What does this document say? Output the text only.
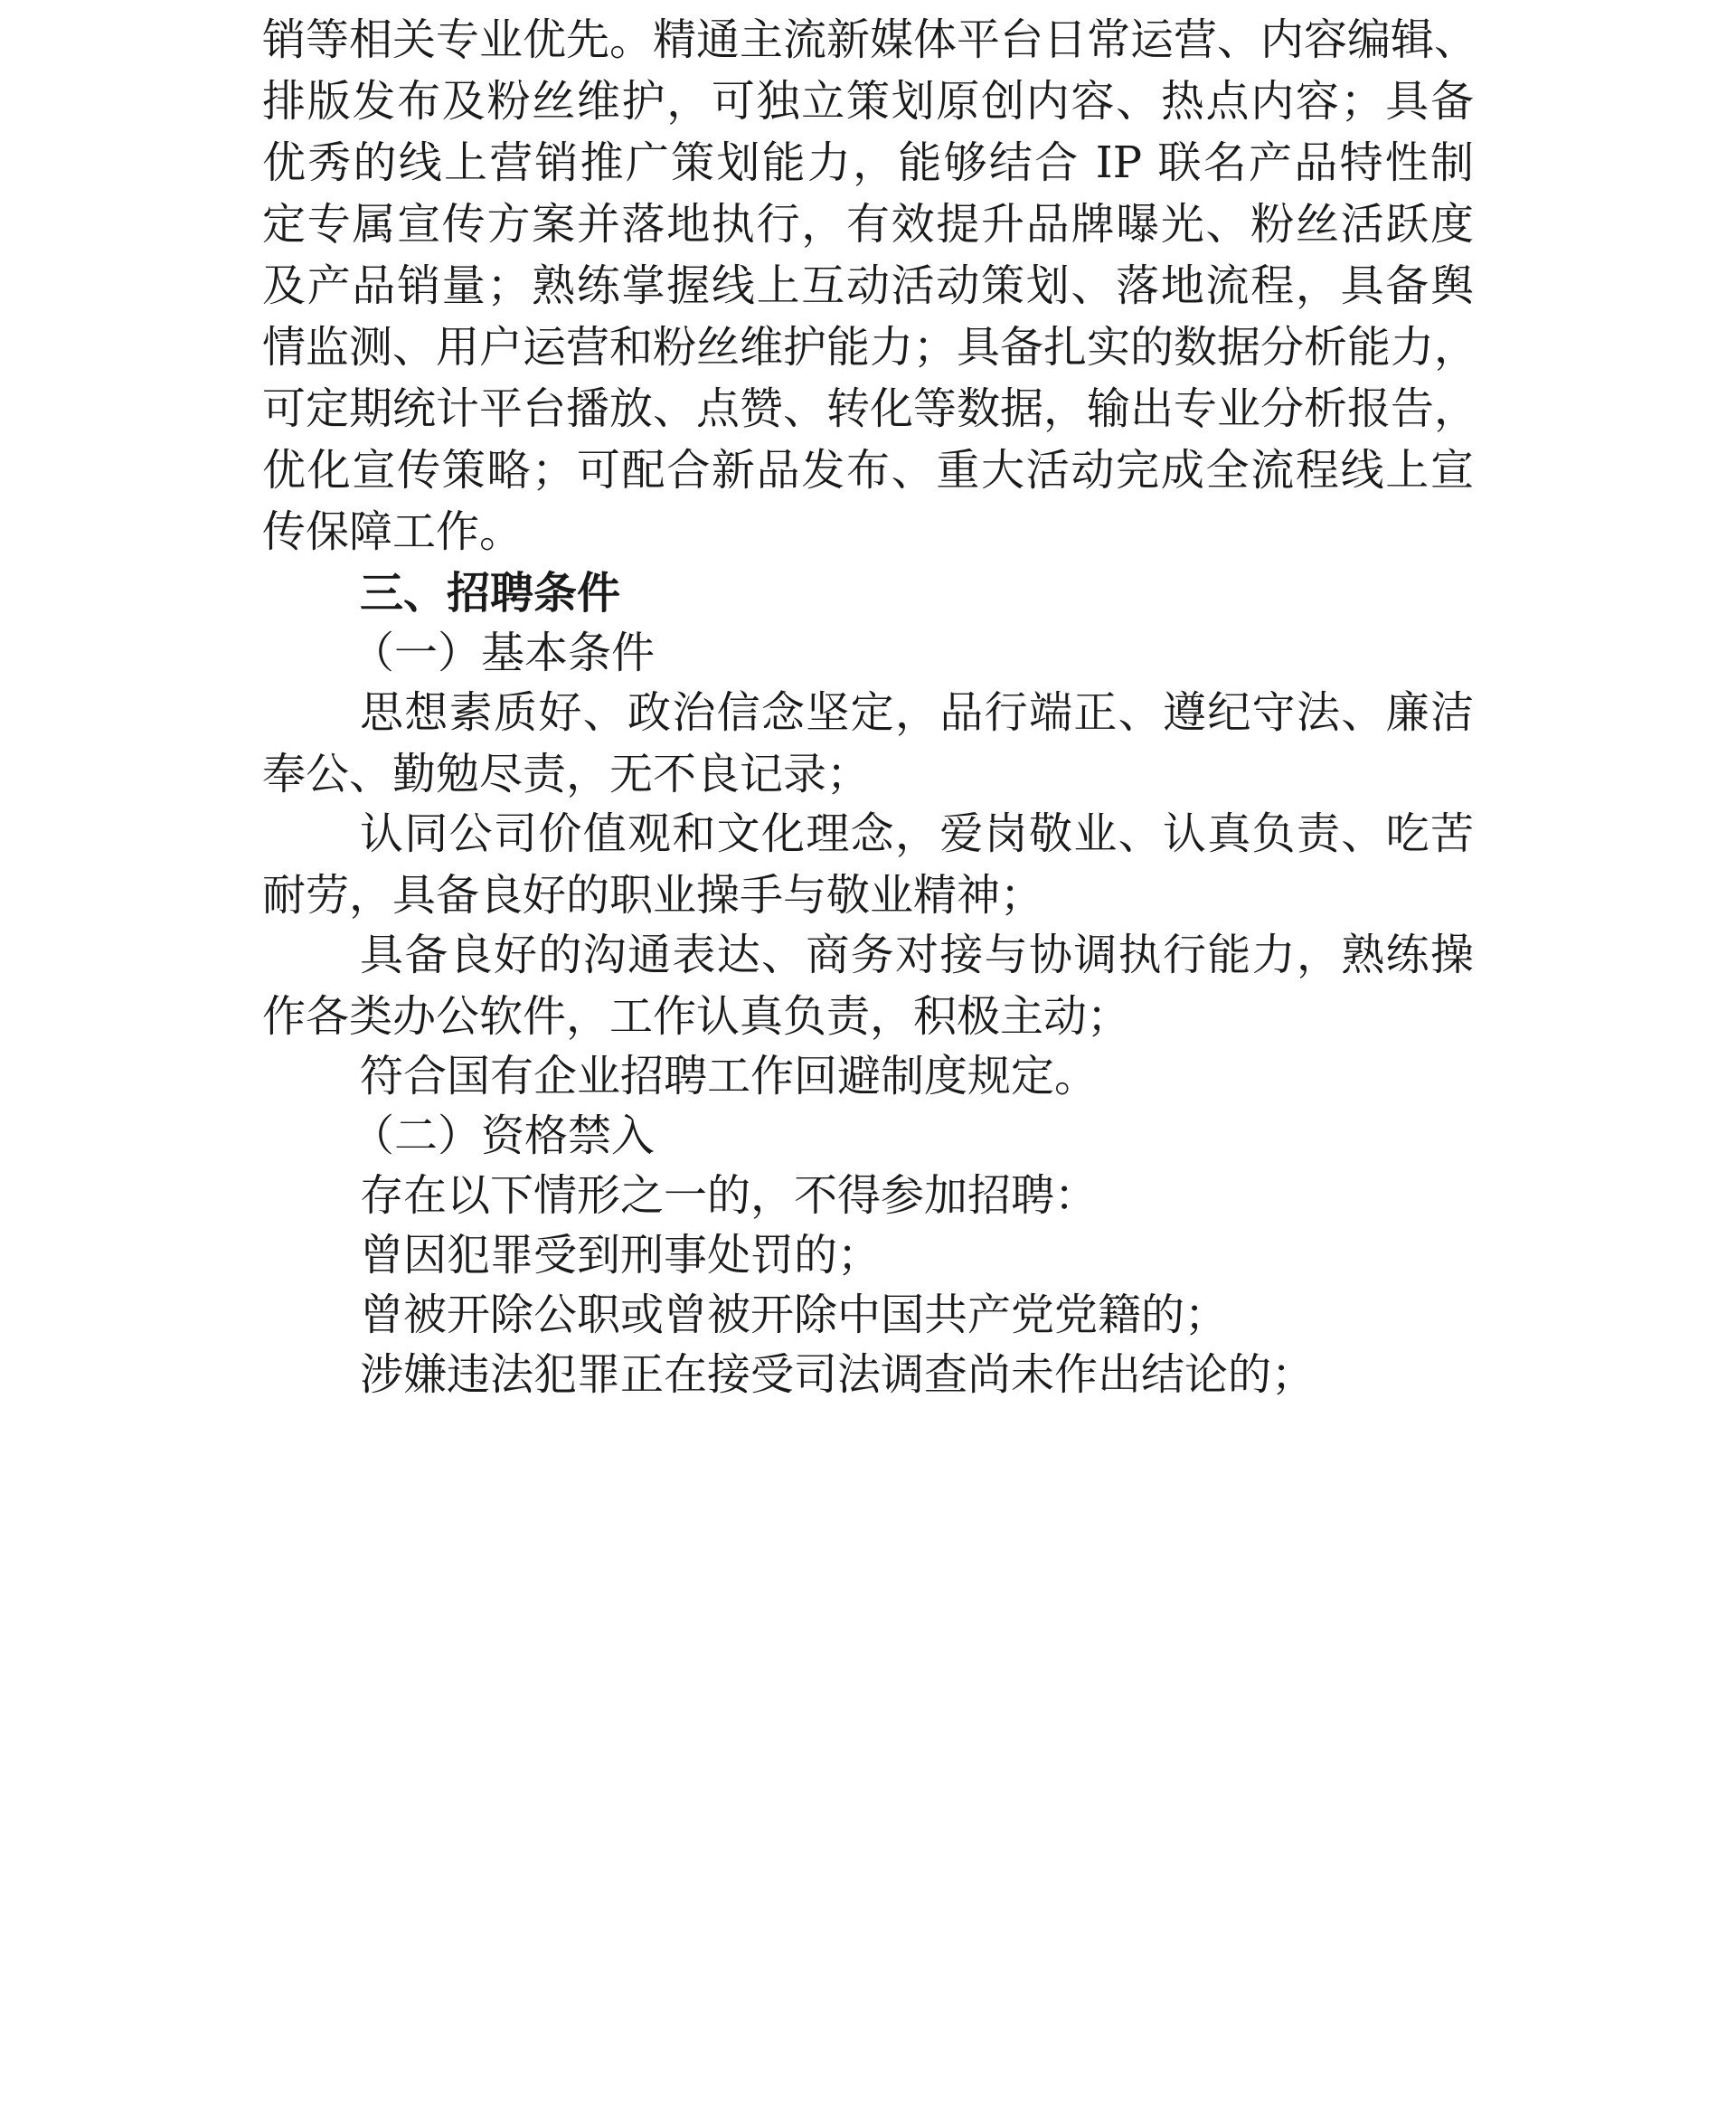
销等相关专业优先。精通主流新媒体平台日常运营、内容编辑、
排版发布及粉丝维护，可独立策划原创内容、热点内容；具备
优秀的线上营销推广策划能力，能够结合 IP 联名产品特性制
定专属宣传方案并落地执行，有效提升品牌曝光、粉丝活跃度
及产品销量；熟练掌握线上互动活动策划、落地流程，具备舆
情监测、用户运营和粉丝维护能力；具备扎实的数据分析能力，
可定期统计平台播放、点赞、转化等数据，输出专业分析报告，
优化宣传策略；可配合新品发布、重大活动完成全流程线上宣
传保障工作。
三、招聘条件
（一）基本条件
思想素质好、政治信念坚定，品行端正、遵纪守法、廉洁
奉公、勤勉尽责，无不良记录；
认同公司价值观和文化理念，爱岗敬业、认真负责、吃苦
耐劳，具备良好的职业操手与敬业精神；
具备良好的沟通表达、商务对接与协调执行能力，熟练操
作各类办公软件，工作认真负责，积极主动；
符合国有企业招聘工作回避制度规定。
（二）资格禁入
存在以下情形之一的，不得参加招聘：
曾因犯罪受到刑事处罚的；
曾被开除公职或曾被开除中国共产党党籍的；
涉嫌违法犯罪正在接受司法调查尚未作出结论的；
